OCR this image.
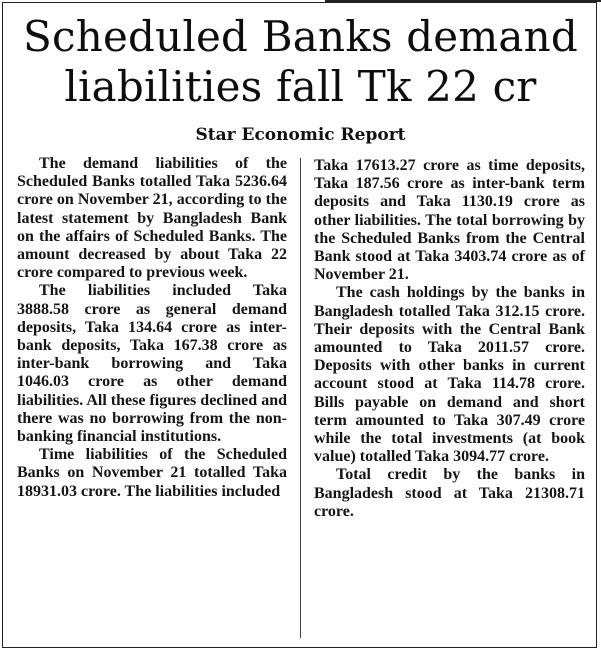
Scheduled Banks demand
liabilities fall Tk 22 cr
Star Economic Report

The demand liabilities of the Scheduled Banks totalled Taka 5236.64 crore on November 21, according to the latest statement by Bangladesh Bank on the affairs of Scheduled Banks. The amount decreased by about Taka 22 crore compared to previous week.

The liabilities included Taka 3888.58 crore as general demand deposits, Taka 134.64 crore as inter-bank deposits, Taka 167.38 crore as inter-bank borrowing and Taka 1046.03 crore as other demand liabilities. All these figures declined and there was no borrowing from the non-banking financial institutions.

Time liabilities of the Scheduled Banks on November 21 totalled Taka 18931.03 crore. The liabilities included

Taka 17613.27 crore as time deposits, Taka 187.56 crore as inter-bank term deposits and Taka 1130.19 crore as other liabilities. The total borrowing by the Scheduled Banks from the Central Bank stood at Taka 3403.74 crore as of November 21.

The cash holdings by the banks in Bangladesh totalled Taka 312.15 crore. Their deposits with the Central Bank amounted to Taka 2011.57 crore. Deposits with other banks in current account stood at Taka 114.78 crore. Bills payable on demand and short term amounted to Taka 307.49 crore while the total investments (at book value) totalled Taka 3094.77 crore.

Total credit by the banks in Bangladesh stood at Taka 21308.71 crore.
